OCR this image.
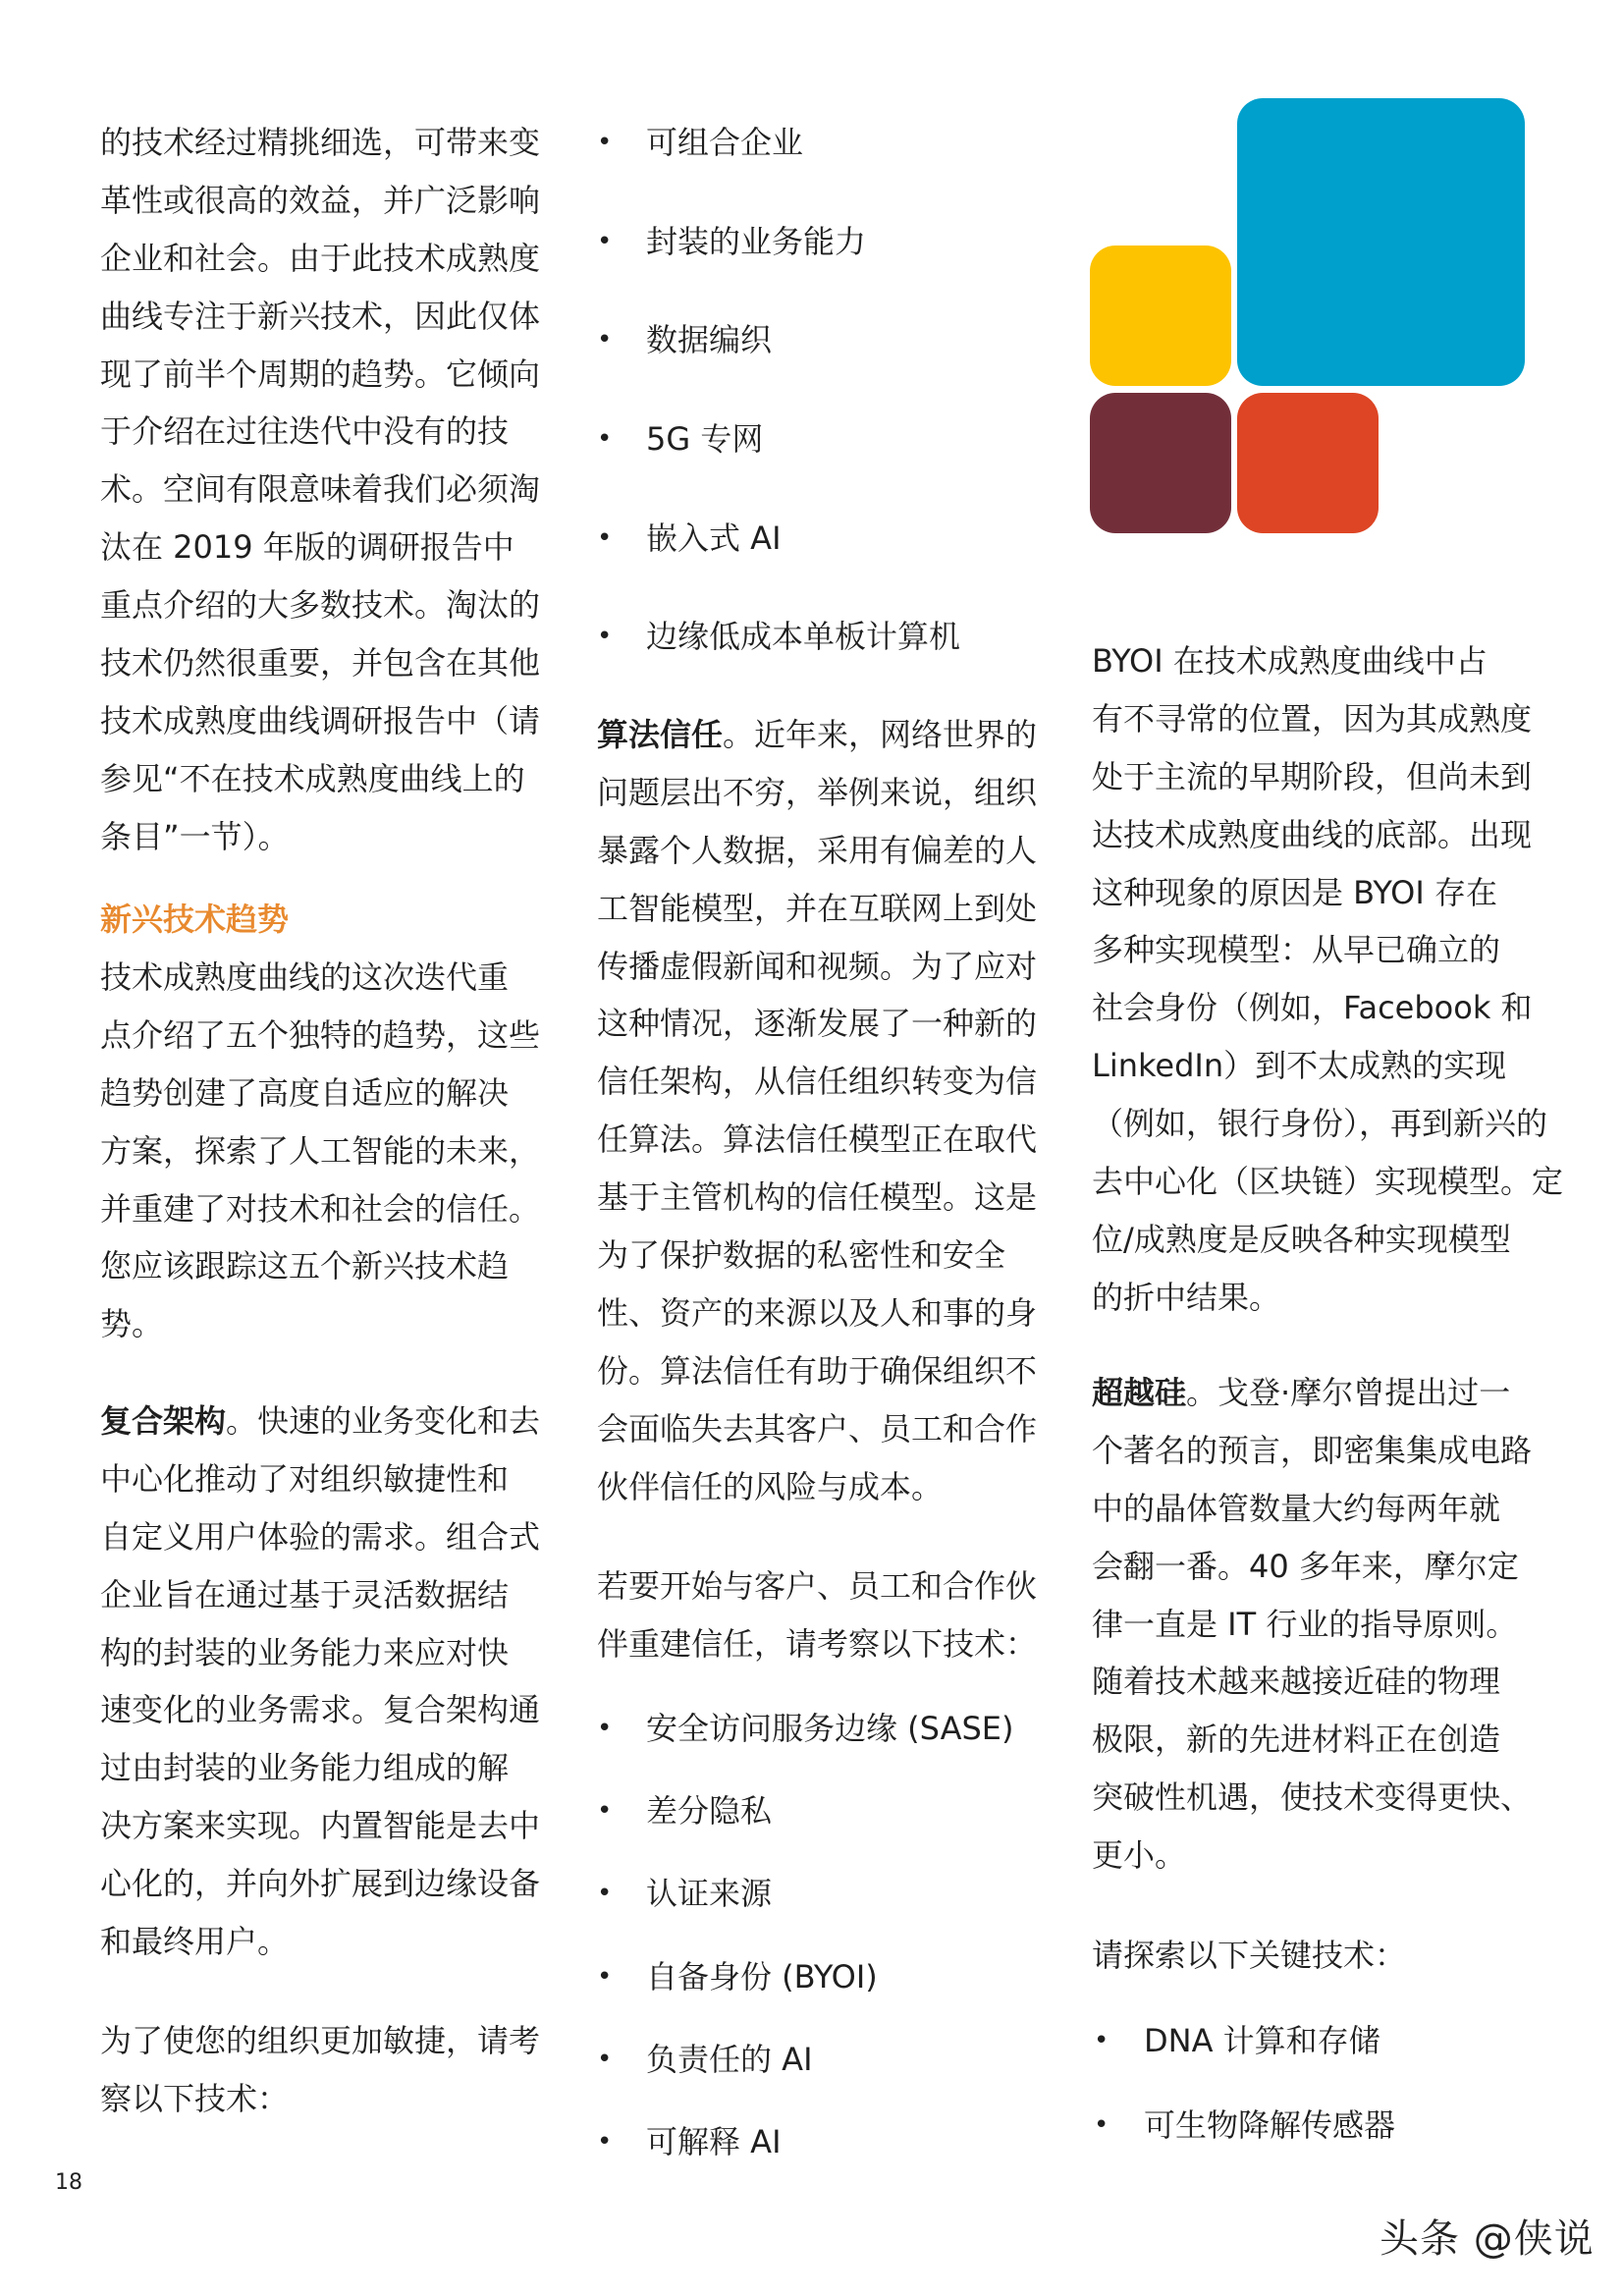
的技术经过精挑细选，可带来变
革性或很高的效益，并广泛影响
企业和社会。由于此技术成熟度
曲线专注于新兴技术，因此仅体
现了前半个周期的趋势。它倾向
于介绍在过往迭代中没有的技
术。空间有限意味着我们必须淘
汰在 2019 年版的调研报告中
重点介绍的大多数技术。淘汰的
技术仍然很重要，并包含在其他
技术成熟度曲线调研报告中（请
参见“不在技术成熟度曲线上的
条目”一节）。
新兴技术趋势
技术成熟度曲线的这次迭代重
点介绍了五个独特的趋势，这些
趋势创建了高度自适应的解决
方案，探索了人工智能的未来，
并重建了对技术和社会的信任。
您应该跟踪这五个新兴技术趋
势。
复合架构。快速的业务变化和去
中心化推动了对组织敏捷性和
自定义用户体验的需求。组合式
企业旨在通过基于灵活数据结
构的封装的业务能力来应对快
速变化的业务需求。复合架构通
过由封装的业务能力组成的解
决方案来实现。内置智能是去中
心化的，并向外扩展到边缘设备
和最终用户。
为了使您的组织更加敏捷，请考
察以下技术：
• 可组合企业
• 封装的业务能力
• 数据编织
• 5G 专网
• 嵌入式 AI
• 边缘低成本单板计算机
算法信任。近年来，网络世界的
问题层出不穷，举例来说，组织
暴露个人数据，采用有偏差的人
工智能模型，并在互联网上到处
传播虚假新闻和视频。为了应对
这种情况，逐渐发展了一种新的
信任架构，从信任组织转变为信
任算法。算法信任模型正在取代
基于主管机构的信任模型。这是
为了保护数据的私密性和安全
性、资产的来源以及人和事的身
份。算法信任有助于确保组织不
会面临失去其客户、员工和合作
伙伴信任的风险与成本。
若要开始与客户、员工和合作伙
伴重建信任，请考察以下技术：
• 安全访问服务边缘 (SASE)
• 差分隐私
• 认证来源
• 自备身份 (BYOI)
• 负责任的 AI
• 可解释 AI
BYOI 在技术成熟度曲线中占
有不寻常的位置，因为其成熟度
处于主流的早期阶段，但尚未到
达技术成熟度曲线的底部。出现
这种现象的原因是 BYOI 存在
多种实现模型：从早已确立的
社会身份（例如，Facebook 和
LinkedIn）到不太成熟的实现
（例如，银行身份），再到新兴的
去中心化（区块链）实现模型。定
位/成熟度是反映各种实现模型
的折中结果。
超越硅。戈登·摩尔曾提出过一
个著名的预言，即密集集成电路
中的晶体管数量大约每两年就
会翻一番。40 多年来，摩尔定
律一直是 IT 行业的指导原则。
随着技术越来越接近硅的物理
极限，新的先进材料正在创造
突破性机遇，使技术变得更快、
更小。
请探索以下关键技术：
• DNA 计算和存储
• 可生物降解传感器
18
头条 @侠说
